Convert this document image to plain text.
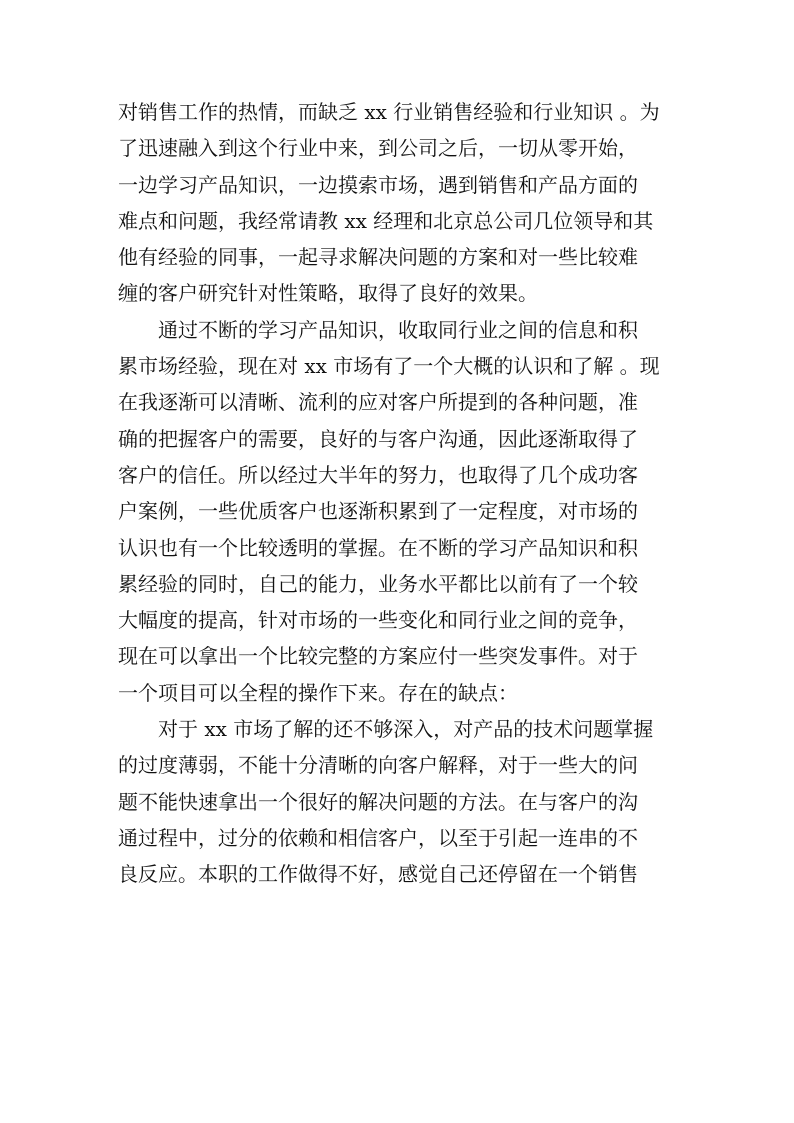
对销售工作的热情，而缺乏 xx 行业销售经验和行业知识 。为
了迅速融入到这个行业中来，到公司之后，一切从零开始，
一边学习产品知识，一边摸索市场，遇到销售和产品方面的
难点和问题，我经常请教 xx 经理和北京总公司几位领导和其
他有经验的同事，一起寻求解决问题的方案和对一些比较难
缠的客户研究针对性策略，取得了良好的效果。
通过不断的学习产品知识，收取同行业之间的信息和积
累市场经验，现在对 xx 市场有了一个大概的认识和了解 。现
在我逐渐可以清晰、流利的应对客户所提到的各种问题，准
确的把握客户的需要，良好的与客户沟通，因此逐渐取得了
客户的信任。所以经过大半年的努力，也取得了几个成功客
户案例，一些优质客户也逐渐积累到了一定程度，对市场的
认识也有一个比较透明的掌握。在不断的学习产品知识和积
累经验的同时，自己的能力，业务水平都比以前有了一个较
大幅度的提高，针对市场的一些变化和同行业之间的竞争，
现在可以拿出一个比较完整的方案应付一些突发事件。对于
一个项目可以全程的操作下来。存在的缺点：
对于 xx 市场了解的还不够深入，对产品的技术问题掌握
的过度薄弱，不能十分清晰的向客户解释，对于一些大的问
题不能快速拿出一个很好的解决问题的方法。在与客户的沟
通过程中，过分的依赖和相信客户，以至于引起一连串的不
良反应。本职的工作做得不好，感觉自己还停留在一个销售
